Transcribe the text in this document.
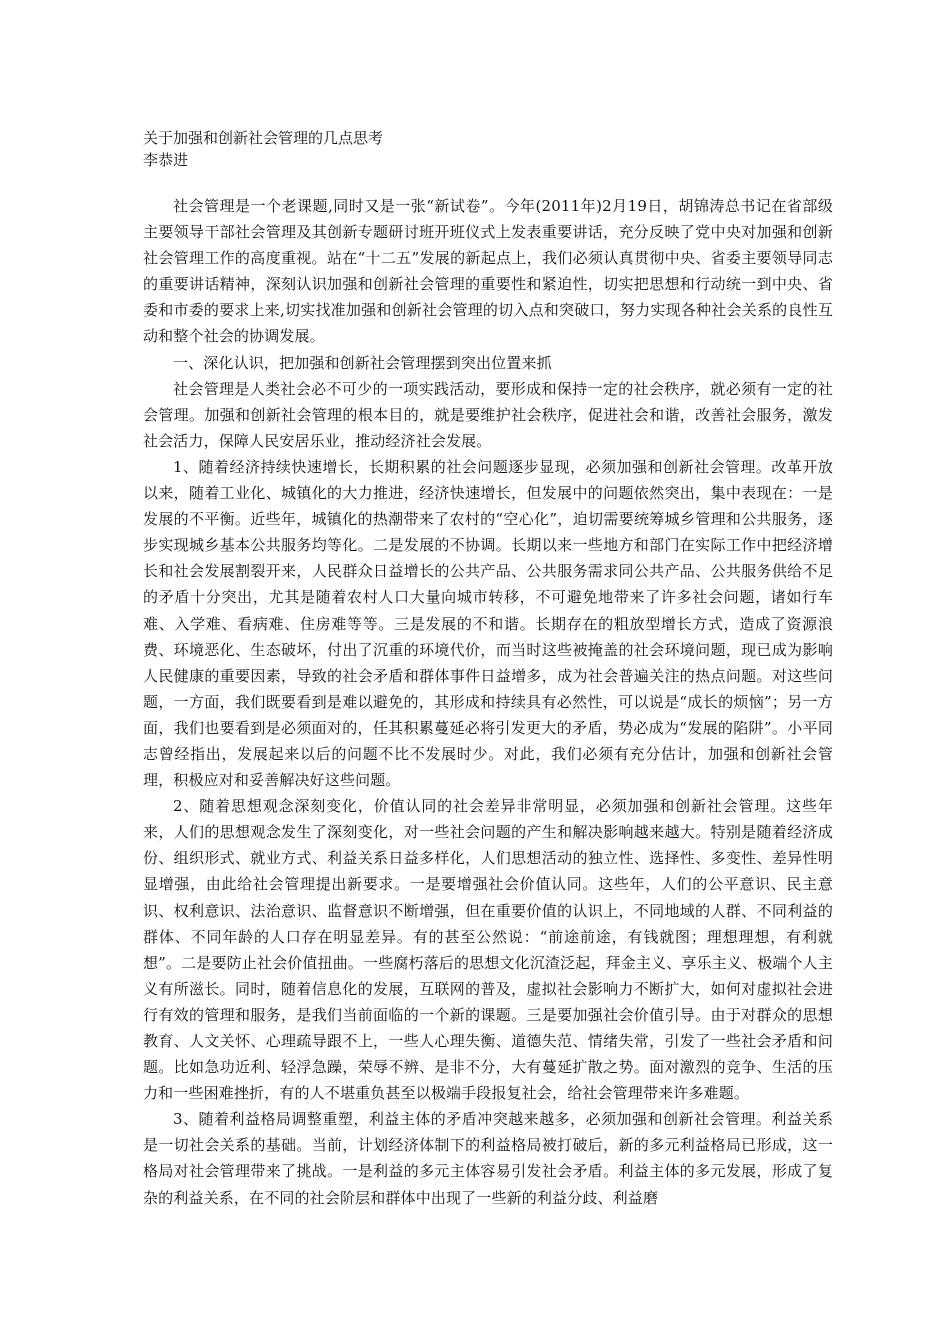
关于加强和创新社会管理的几点思考

李恭进

社会管理是一个老课题,同时又是一张“新试卷”。今年(2011年)2月19日，胡锦涛总书记在省部级主要领导干部社会管理及其创新专题研讨班开班仪式上发表重要讲话，充分反映了党中央对加强和创新社会管理工作的高度重视。站在“十二五”发展的新起点上，我们必须认真贯彻中央、省委主要领导同志的重要讲话精神，深刻认识加强和创新社会管理的重要性和紧迫性，切实把思想和行动统一到中央、省委和市委的要求上来,切实找准加强和创新社会管理的切入点和突破口，努力实现各种社会关系的良性互动和整个社会的协调发展。

一、深化认识，把加强和创新社会管理摆到突出位置来抓

社会管理是人类社会必不可少的一项实践活动，要形成和保持一定的社会秩序，就必须有一定的社会管理。加强和创新社会管理的根本目的，就是要维护社会秩序，促进社会和谐，改善社会服务，激发社会活力，保障人民安居乐业，推动经济社会发展。

1、随着经济持续快速增长，长期积累的社会问题逐步显现，必须加强和创新社会管理。改革开放以来，随着工业化、城镇化的大力推进，经济快速增长，但发展中的问题依然突出，集中表现在：一是发展的不平衡。近些年，城镇化的热潮带来了农村的“空心化”，迫切需要统筹城乡管理和公共服务，逐步实现城乡基本公共服务均等化。二是发展的不协调。长期以来一些地方和部门在实际工作中把经济增长和社会发展割裂开来，人民群众日益增长的公共产品、公共服务需求同公共产品、公共服务供给不足的矛盾十分突出，尤其是随着农村人口大量向城市转移，不可避免地带来了许多社会问题，诸如行车难、入学难、看病难、住房难等等。三是发展的不和谐。长期存在的粗放型增长方式，造成了资源浪费、环境恶化、生态破坏，付出了沉重的环境代价，而当时这些被掩盖的社会环境问题，现已成为影响人民健康的重要因素，导致的社会矛盾和群体事件日益增多，成为社会普遍关注的热点问题。对这些问题，一方面，我们既要看到是难以避免的，其形成和持续具有必然性，可以说是“成长的烦恼”；另一方面，我们也要看到是必须面对的，任其积累蔓延必将引发更大的矛盾，势必成为“发展的陷阱”。小平同志曾经指出，发展起来以后的问题不比不发展时少。对此，我们必须有充分估计，加强和创新社会管理，积极应对和妥善解决好这些问题。

2、随着思想观念深刻变化，价值认同的社会差异非常明显，必须加强和创新社会管理。这些年来，人们的思想观念发生了深刻变化，对一些社会问题的产生和解决影响越来越大。特别是随着经济成份、组织形式、就业方式、利益关系日益多样化，人们思想活动的独立性、选择性、多变性、差异性明显增强，由此给社会管理提出新要求。一是要增强社会价值认同。这些年，人们的公平意识、民主意识、权利意识、法治意识、监督意识不断增强，但在重要价值的认识上，不同地域的人群、不同利益的群体、不同年龄的人口存在明显差异。有的甚至公然说：“前途前途，有钱就图；理想理想，有利就想”。二是要防止社会价值扭曲。一些腐朽落后的思想文化沉渣泛起，拜金主义、享乐主义、极端个人主义有所滋长。同时，随着信息化的发展，互联网的普及，虚拟社会影响力不断扩大，如何对虚拟社会进行有效的管理和服务，是我们当前面临的一个新的课题。三是要加强社会价值引导。由于对群众的思想教育、人文关怀、心理疏导跟不上，一些人心理失衡、道德失范、情绪失常，引发了一些社会矛盾和问题。比如急功近利、轻浮急躁，荣辱不辨、是非不分，大有蔓延扩散之势。面对激烈的竞争、生活的压力和一些困难挫折，有的人不堪重负甚至以极端手段报复社会，给社会管理带来许多难题。

3、随着利益格局调整重塑，利益主体的矛盾冲突越来越多，必须加强和创新社会管理。利益关系是一切社会关系的基础。当前，计划经济体制下的利益格局被打破后，新的多元利益格局已形成，这一格局对社会管理带来了挑战。一是利益的多元主体容易引发社会矛盾。利益主体的多元发展，形成了复杂的利益关系，在不同的社会阶层和群体中出现了一些新的利益分歧、利益磨
